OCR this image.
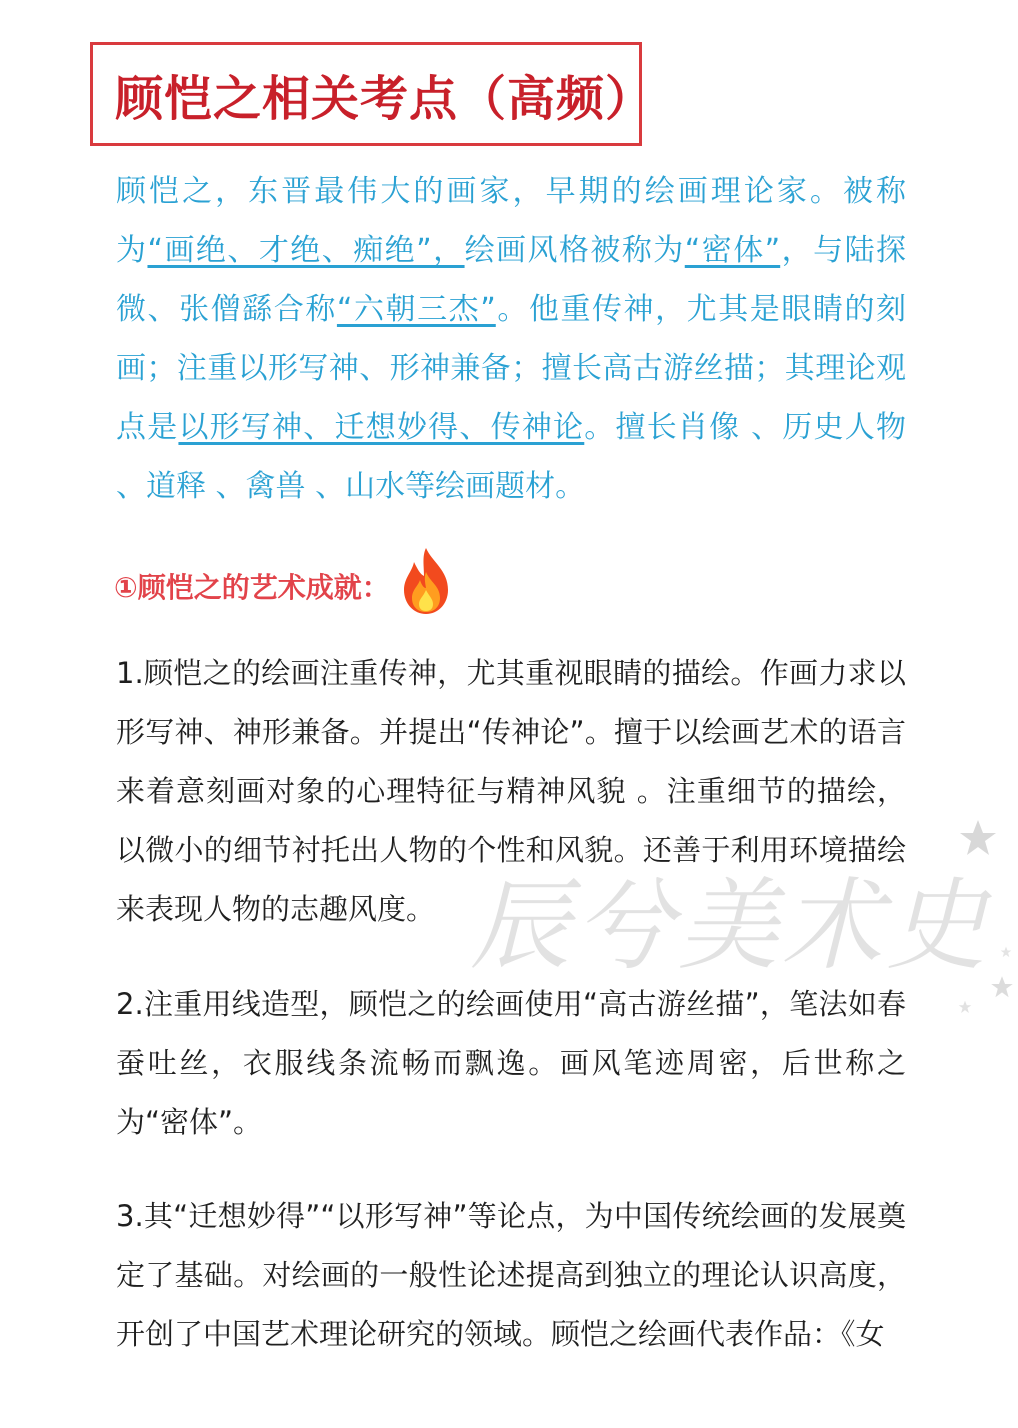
顾恺之相关考点（高频）
顾恺之，东晋最伟大的画家，早期的绘画理论家。被称为“画绝、才绝、痴绝”，绘画风格被称为“密体”，与陆探微、张僧繇合称“六朝三杰”。他重传神，尤其是眼睛的刻画；注重以形写神、形神兼备；擅长高古游丝描；其理论观点是以形写神、迁想妙得、传神论。擅长肖像 、历史人物 、道释 、禽兽 、山水等绘画题材。
①顾恺之的艺术成就：
1.顾恺之的绘画注重传神，尤其重视眼睛的描绘。作画力求以形写神、神形兼备。并提出“传神论”。擅于以绘画艺术的语言来着意刻画对象的心理特征与精神风貌 。注重细节的描绘，以微小的细节衬托出人物的个性和风貌。还善于利用环境描绘来表现人物的志趣风度。
2.注重用线造型，顾恺之的绘画使用“高古游丝描”，笔法如春蚕吐丝，衣服线条流畅而飘逸。画风笔迹周密，后世称之为“密体”。
3.其“迁想妙得”“以形写神”等论点，为中国传统绘画的发展奠定了基础。对绘画的一般性论述提高到独立的理论认识高度，开创了中国艺术理论研究的领域。顾恺之绘画代表作品：《女
辰兮美术史
